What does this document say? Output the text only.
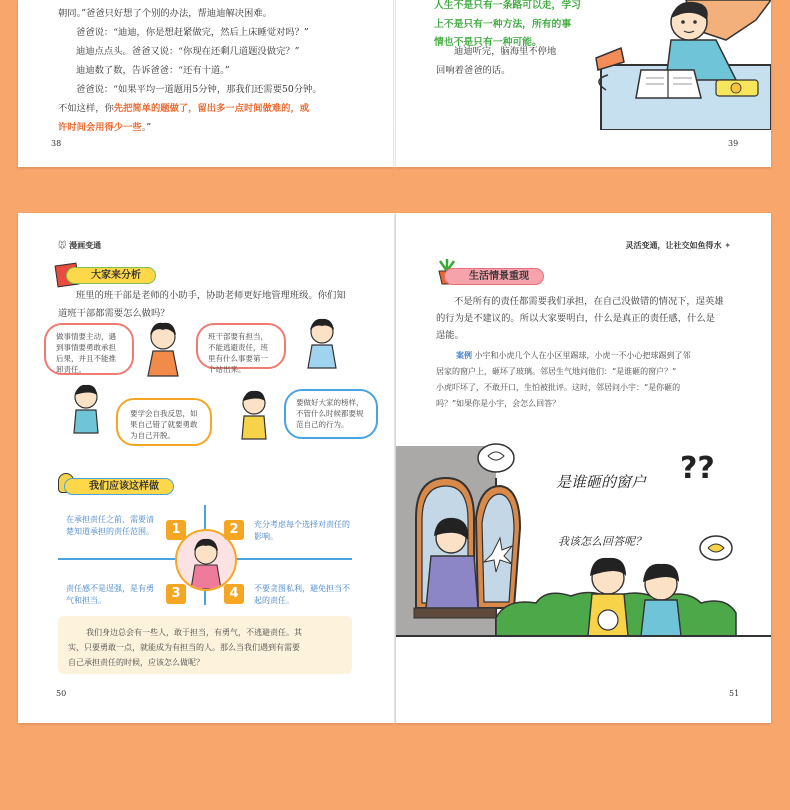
朝同。”爸爸只好想了个别的办法，帮迪迪解决困难。
爸爸说：“迪迪，你是想赶紧做完，然后上床睡觉对吗？”
迪迪点点头。爸爸又说：“你现在还剩几道题没做完？”
迪迪数了数，告诉爸爸：“还有十道。”
爸爸说：“如果平均一道题用5分钟，那我们还需要50分钟。
不如这样，你先把简单的题做了，留出多一点时间做难的，或
许时间会用得少一些。”
38
人生不是只有一条路可以走，学习
上不是只有一种方法，所有的事
情也不是只有一种可能。
迪迪听完，脑海里不停地
回响着爸爸的话。
39
🐭 漫画变通
大家来分析
班里的班干部是老师的小助手，协助老师更好地管理班级。你们知
道班干部都需要怎么做吗？
做事情要主动，遇到事情要勇敢承担后果，并且不能推卸责任。
班干部要有担当，不能逃避责任，班里有什么事要第一个站出来。
要学会自我反思，如果自己错了就要勇敢为自己开脱。
要做好大家的榜样，不管什么时候都要规范自己的行为。
我们应该这样做
1	2
3	4
在承担责任之前，需要清楚知道承担的责任范围。
充分考虑每个选择对责任的影响。
责任感不是逞强，是有勇气和担当。
不要贪图私利，避免担当不起的责任。
我们身边总会有一些人，敢于担当，有勇气，不逃避责任。其
实，只要勇敢一点，就能成为有担当的人。那么当我们遇到有需要
自己承担责任的时候，应该怎么做呢？
50
灵活变通，让社交如鱼得水 ✦
生活情景重现
不是所有的责任都需要我们承担，在自己没做错的情况下，逞英雄
的行为是不建议的。所以大家要明白，什么是真正的责任感，什么是
逞能。
案例 小宇和小虎几个人在小区里踢球，小虎一不小心把球踢到了邻
居家的窗户上，砸坏了玻璃。邻居生气地问他们：“是谁砸的窗户？”
小虎吓坏了，不敢开口，生怕被批评。这时，邻居问小宇：“是你砸的
吗？”如果你是小宇，会怎么回答？
是谁砸的窗户 ??
我该怎么回答呢？
51
